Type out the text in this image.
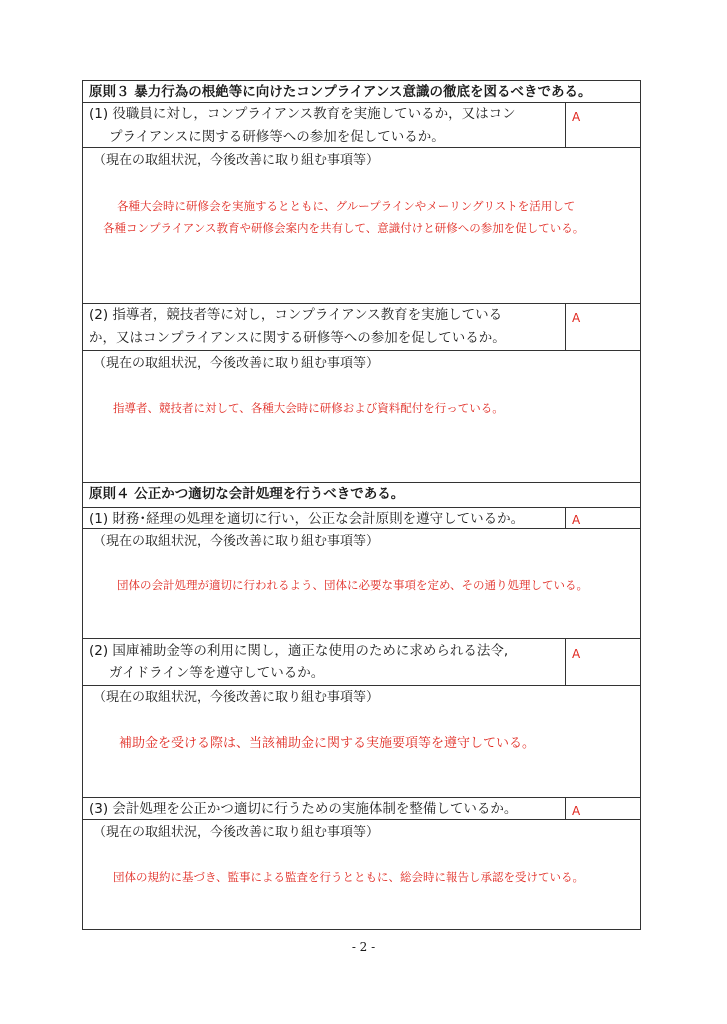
原則３ 暴力行為の根絶等に向けたコンプライアンス意識の徹底を図るべきである。
(1) 役職員に対し，コンプライアンス教育を実施しているか，又はコン
プライアンスに関する研修等への参加を促しているか。
A
（現在の取組状況，今後改善に取り組む事項等）
各種大会時に研修会を実施するとともに、グループラインやメーリングリストを活用して
各種コンプライアンス教育や研修会案内を共有して、意識付けと研修への参加を促している。
(2) 指導者，競技者等に対し，コンプライアンス教育を実施している
か，又はコンプライアンスに関する研修等への参加を促しているか。
A
（現在の取組状況，今後改善に取り組む事項等）
指導者、競技者に対して、各種大会時に研修および資料配付を行っている。
原則４ 公正かつ適切な会計処理を行うべきである。
(1) 財務･経理の処理を適切に行い，公正な会計原則を遵守しているか。	A
（現在の取組状況，今後改善に取り組む事項等）
団体の会計処理が適切に行われるよう、団体に必要な事項を定め、その通り処理している。
(2) 国庫補助金等の利用に関し，適正な使用のために求められる法令,
ガイドライン等を遵守しているか。
A
（現在の取組状況，今後改善に取り組む事項等）
補助金を受ける際は、当該補助金に関する実施要項等を遵守している。
(3) 会計処理を公正かつ適切に行うための実施体制を整備しているか。	A
（現在の取組状況，今後改善に取り組む事項等）
団体の規約に基づき、監事による監査を行うとともに、総会時に報告し承認を受けている。
- 2 -
